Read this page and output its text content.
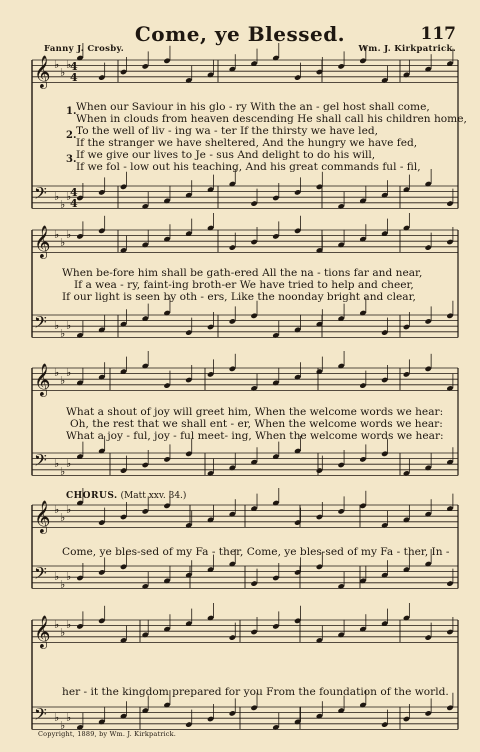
Come, ye Blessed.	117
Fanny J. Crosby.	Wm. J. Kirkpatrick.
𝄞 ♭
♭
♭
𝄢 ♭
♭
♭
𝄞 ♭
♭
♭
𝄢 ♭
♭
♭
𝄞 ♭
♭
♭
𝄢 ♭
♭
♭
𝄞 ♭
♭
♭
𝄢 ♭
♭
♭
𝄞 ♭
♭
♭
𝄢 ♭
♭
♭
4
4
4
4
1.
2.
3.
When our Saviour in his glo - ry With the an - gel host shall come,
When in clouds from heaven descending He shall call his children home,
To the well of liv - ing wa - ter If the thirsty we have led,
If the stranger we have sheltered, And the hungry we have fed,
If we give our lives to Je - sus And delight to do his will,
If we fol - low out his teaching, And his great commands ful - fil,
When be-fore him shall be gath-ered All the na - tions far and near,
If a wea - ry, faint-ing broth-er We have tried to help and cheer,
If our light is seen by oth - ers, Like the noonday bright and clear,
What a shout of joy will greet him, When the welcome words we hear:
Oh, the rest that we shall ent - er, When the welcome words we hear:
What a joy - ful, joy - ful meet- ing, When the welcome words we hear:
CHORUS. (Matt xxv. 34.)
Come, ye bles-sed of my Fa - ther, Come, ye bles-sed of my Fa - ther, In -
her - it the kingdom prepared for you From the foundation of the world.
Copyright, 1889, by Wm. J. Kirkpatrick.
